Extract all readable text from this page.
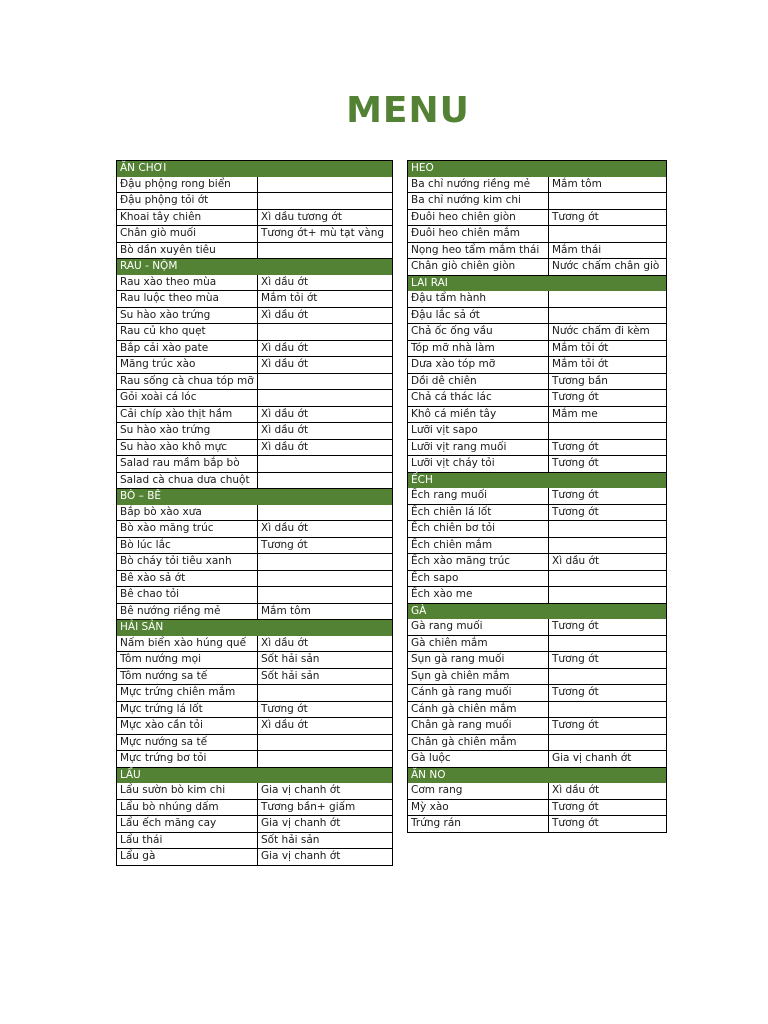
MENU
ĂN CHƠI
Đậu phộng rong biển
Đậu phộng tỏi ớt
Khoai tây chiên	Xì dầu tương ớt
Chân giò muối	Tương ớt+ mù tạt vàng
Bò dần xuyên tiêu
RAU - NỘM
Rau xào theo mùa	Xì dầu ớt
Rau luộc theo mùa	Mắm tỏi ớt
Su hào xào trứng	Xì dầu ớt
Rau củ kho quẹt
Bắp cải xào pate	Xì dầu ớt
Măng trúc xào	Xì dầu ớt
Rau sống cà chua tóp mỡ
Gỏi xoài cá lóc
Cải chíp xào thịt hầm	Xì dầu ớt
Su hào xào trứng	Xì dầu ớt
Su hào xào khô mực	Xì dầu ớt
Salad rau mầm bắp bò
Salad cà chua dưa chuột
BÒ – BÊ
Bắp bò xào xưa
Bò xào măng trúc	Xì dầu ớt
Bò lúc lắc	Tương ớt
Bò cháy tỏi tiêu xanh
Bê xào sả ớt
Bê chao tỏi
Bê nướng riềng mẻ	Mắm tôm
HẢI SẢN
Nấm biển xào húng quế	Xì dầu ớt
Tôm nướng mọi	Sốt hải sản
Tôm nướng sa tế	Sốt hải sản
Mực trứng chiên mắm
Mực trứng lá lốt	Tương ớt
Mực xào cần tỏi	Xì dầu ớt
Mực nướng sa tế
Mực trứng bơ tỏi
LẨU
Lẩu sườn bò kim chi	Gia vị chanh ớt
Lẩu bò nhúng dấm	Tương bần+ giấm
Lẩu ếch măng cay	Gia vị chanh ớt
Lẩu thái	Sốt hải sản
Lẩu gà	Gia vị chanh ớt
HEO
Ba chỉ nướng riềng mẻ	Mắm tôm
Ba chỉ nướng kim chi
Đuôi heo chiên giòn	Tương ớt
Đuôi heo chiên mắm
Nọng heo tẩm mắm thái	Mắm thái
Chân giò chiên giòn	Nước chấm chân giò
LAI RAI
Đậu tẩm hành
Đậu lắc sả ớt
Chả ốc ống vầu	Nước chấm đi kèm
Tóp mỡ nhà làm	Mắm tỏi ớt
Dưa xào tóp mỡ	Mắm tỏi ớt
Dồi dê chiên	Tương bần
Chả cá thác lác	Tương ớt
Khô cá miền tây	Mắm me
Lưỡi vịt sapo
Lưỡi vịt rang muối	Tương ớt
Lưỡi vịt cháy tỏi	Tương ớt
ẾCH
Ếch rang muối	Tương ớt
Ếch chiên lá lốt	Tương ớt
Ếch chiên bơ tỏi
Ếch chiên mắm
Ếch xào măng trúc	Xì dầu ớt
Ếch sapo
Ếch xào me
GÀ
Gà rang muối	Tương ớt
Gà chiên mắm
Sụn gà rang muối	Tương ớt
Sụn gà chiên mắm
Cánh gà rang muối	Tương ớt
Cánh gà chiên mắm
Chân gà rang muối	Tương ớt
Chân gà chiên mắm
Gà luộc	Gia vị chanh ớt
ĂN NO
Cơm rang	Xì dầu ớt
Mỳ xào	Tương ớt
Trứng rán	Tương ớt
